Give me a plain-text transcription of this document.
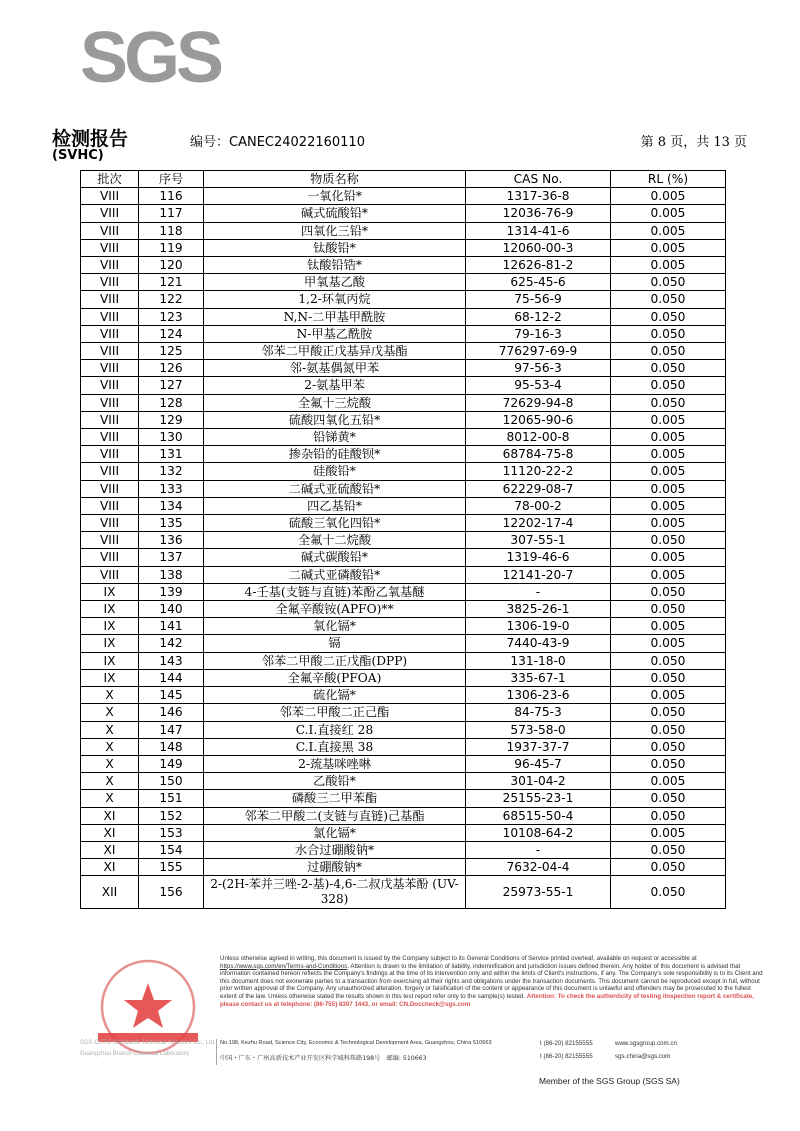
SGS
检测报告
(SVHC)
编号：CANEC24022160110	第 8 页，共 13 页
批次	序号	物质名称	CAS No.	RL (%)
VIII	116	一氧化铅*	1317-36-8	0.005
VIII	117	碱式硫酸铅*	12036-76-9	0.005
VIII	118	四氧化三铅*	1314-41-6	0.005
VIII	119	钛酸铅*	12060-00-3	0.005
VIII	120	钛酸铅锆*	12626-81-2	0.005
VIII	121	甲氧基乙酸	625-45-6	0.050
VIII	122	1,2-环氧丙烷	75-56-9	0.050
VIII	123	N,N-二甲基甲酰胺	68-12-2	0.050
VIII	124	N-甲基乙酰胺	79-16-3	0.050
VIII	125	邻苯二甲酸正戊基异戊基酯	776297-69-9	0.050
VIII	126	邻-氨基偶氮甲苯	97-56-3	0.050
VIII	127	2-氨基甲苯	95-53-4	0.050
VIII	128	全氟十三烷酸	72629-94-8	0.050
VIII	129	硫酸四氧化五铅*	12065-90-6	0.005
VIII	130	铅锑黄*	8012-00-8	0.005
VIII	131	掺杂铅的硅酸钡*	68784-75-8	0.005
VIII	132	硅酸铅*	11120-22-2	0.005
VIII	133	二碱式亚硫酸铅*	62229-08-7	0.005
VIII	134	四乙基铅*	78-00-2	0.005
VIII	135	硫酸三氧化四铅*	12202-17-4	0.005
VIII	136	全氟十二烷酸	307-55-1	0.050
VIII	137	碱式碳酸铅*	1319-46-6	0.005
VIII	138	二碱式亚磷酸铅*	12141-20-7	0.005
IX	139	4-壬基(支链与直链)苯酚乙氧基醚	-	0.050
IX	140	全氟辛酸铵(APFO)**	3825-26-1	0.050
IX	141	氧化镉*	1306-19-0	0.005
IX	142	镉	7440-43-9	0.005
IX	143	邻苯二甲酸二正戊酯(DPP)	131-18-0	0.050
IX	144	全氟辛酸(PFOA)	335-67-1	0.050
X	145	硫化镉*	1306-23-6	0.005
X	146	邻苯二甲酸二正己酯	84-75-3	0.050
X	147	C.I.直接红 28	573-58-0	0.050
X	148	C.I.直接黑 38	1937-37-7	0.050
X	149	2-巯基咪唑啉	96-45-7	0.050
X	150	乙酸铅*	301-04-2	0.005
X	151	磷酸三二甲苯酯	25155-23-1	0.050
XI	152	邻苯二甲酸二(支链与直链)己基酯	68515-50-4	0.050
XI	153	氯化镉*	10108-64-2	0.005
XI	154	水合过硼酸钠*	-	0.050
XI	155	过硼酸钠*	7632-04-4	0.050
XII	156	2-(2H-苯并三唑-2-基)-4,6-二叔戊基苯酚 (UV-328)	25973-55-1	0.050
Unless otherwise agreed in writing, this document is issued by the Company subject to its General Conditions of Service printed overleaf, available on request or accessible at https://www.sgs.com/en/Terms-and-Conditions. Attention is drawn to the limitation of liability, indemnification and jurisdiction issues defined therein. Any holder of this document is advised that information contained hereon reflects the Company's findings at the time of its intervention only and within the limits of Client's instructions, if any. The Company's sole responsibility is to its Client and this document does not exonerate parties to a transaction from exercising all their rights and obligations under the transaction documents. This document cannot be reproduced except in full, without prior written approval of the Company. Any unauthorized alteration, forgery or falsification of the content or appearance of this document is unlawful and offenders may be prosecuted to the fullest extent of the law. Unless otherwise stated the results shown in this test report refer only to the sample(s) tested. Attention: To check the authenticity of testing /inspection report & certificate, please contact us at telephone: (86-755) 8307 1443, or email: CN.Doccheck@sgs.com
SGS-CSTC Standards Technical Services Co., Ltd.
Guangzhou Branch Chemical Laboratory.
No.198, Kezhu Road, Science City, Economic & Technological Development Area, Guangzhou, China 510663
中国・广东・广州高新技术产业开发区科学城科珠路198号　邮编: 510663
t (86-20) 82155555
t (86-20) 82155555
www.sgsgroup.com.cn
sgs.china@sgs.com
Member of the SGS Group (SGS SA)
